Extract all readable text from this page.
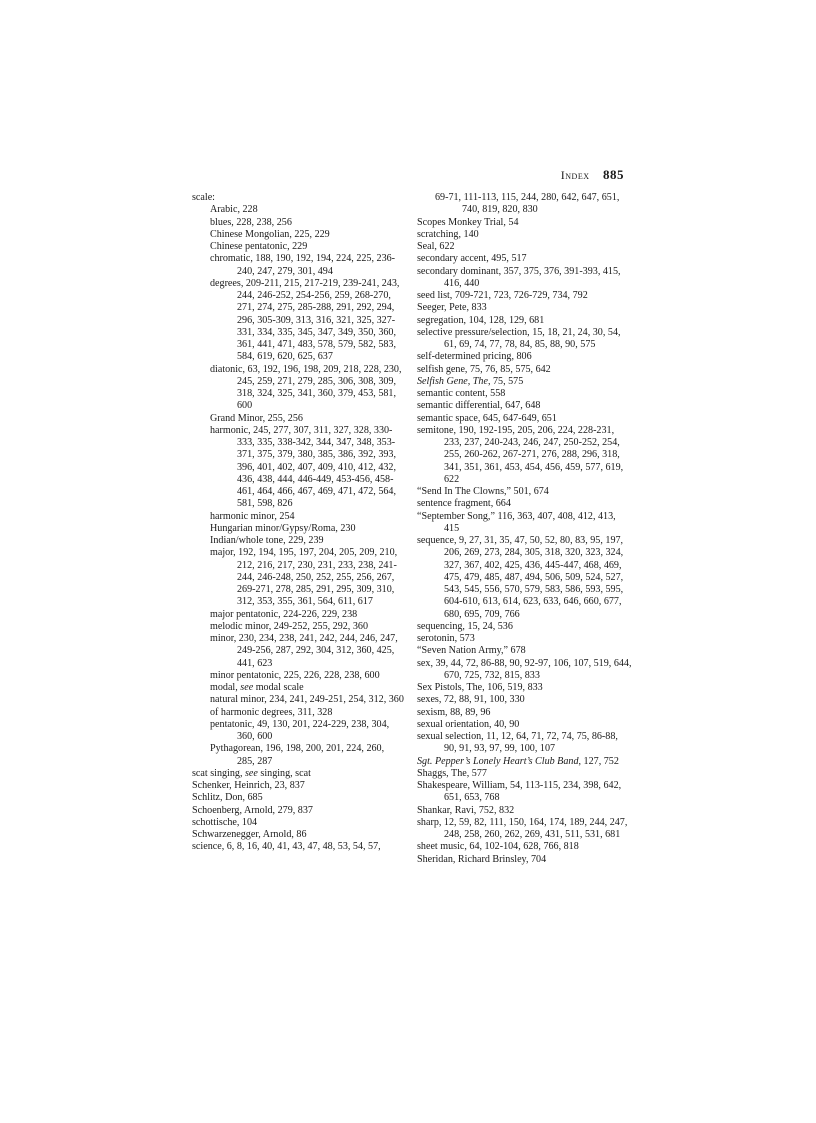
Index 885
scale:
Arabic, 228
blues, 228, 238, 256
Chinese Mongolian, 225, 229
Chinese pentatonic, 229
chromatic, 188, 190, 192, 194, 224, 225, 236-240, 247, 279, 301, 494
degrees, 209-211, 215, 217-219, 239-241, 243, 244, 246-252, 254-256, 259, 268-270, 271, 274, 275, 285-288, 291, 292, 294, 296, 305-309, 313, 316, 321, 325, 327-331, 334, 335, 345, 347, 349, 350, 360, 361, 441, 471, 483, 578, 579, 582, 583, 584, 619, 620, 625, 637
diatonic, 63, 192, 196, 198, 209, 218, 228, 230, 245, 259, 271, 279, 285, 306, 308, 309, 318, 324, 325, 341, 360, 379, 453, 581, 600
Grand Minor, 255, 256
harmonic, 245, 277, 307, 311, 327, 328, 330-333, 335, 338-342, 344, 347, 348, 353-371, 375, 379, 380, 385, 386, 392, 393, 396, 401, 402, 407, 409, 410, 412, 432, 436, 438, 444, 446-449, 453-456, 458-461, 464, 466, 467, 469, 471, 472, 564, 581, 598, 826
harmonic minor, 254
Hungarian minor/Gypsy/Roma, 230
Indian/whole tone, 229, 239
major, 192, 194, 195, 197, 204, 205, 209, 210, 212, 216, 217, 230, 231, 233, 238, 241-244, 246-248, 250, 252, 255, 256, 267, 269-271, 278, 285, 291, 295, 309, 310, 312, 353, 355, 361, 564, 611, 617
major pentatonic, 224-226, 229, 238
melodic minor, 249-252, 255, 292, 360
minor, 230, 234, 238, 241, 242, 244, 246, 247, 249-256, 287, 292, 304, 312, 360, 425, 441, 623
minor pentatonic, 225, 226, 228, 238, 600
modal, see modal scale
natural minor, 234, 241, 249-251, 254, 312, 360
of harmonic degrees, 311, 328
pentatonic, 49, 130, 201, 224-229, 238, 304, 360, 600
Pythagorean, 196, 198, 200, 201, 224, 260, 285, 287
scat singing, see singing, scat
Schenker, Heinrich, 23, 837
Schlitz, Don, 685
Schoenberg, Arnold, 279, 837
schottische, 104
Schwarzenegger, Arnold, 86
science, 6, 8, 16, 40, 41, 43, 47, 48, 53, 54, 57,
69-71, 111-113, 115, 244, 280, 642, 647, 651, 740, 819, 820, 830
Scopes Monkey Trial, 54
scratching, 140
Seal, 622
secondary accent, 495, 517
secondary dominant, 357, 375, 376, 391-393, 415, 416, 440
seed list, 709-721, 723, 726-729, 734, 792
Seeger, Pete, 833
segregation, 104, 128, 129, 681
selective pressure/selection, 15, 18, 21, 24, 30, 54, 61, 69, 74, 77, 78, 84, 85, 88, 90, 575
self-determined pricing, 806
selfish gene, 75, 76, 85, 575, 642
Selfish Gene, The, 75, 575
semantic content, 558
semantic differential, 647, 648
semantic space, 645, 647-649, 651
semitone, 190, 192-195, 205, 206, 224, 228-231, 233, 237, 240-243, 246, 247, 250-252, 254, 255, 260-262, 267-271, 276, 288, 296, 318, 341, 351, 361, 453, 454, 456, 459, 577, 619, 622
“Send In The Clowns,” 501, 674
sentence fragment, 664
“September Song,” 116, 363, 407, 408, 412, 413, 415
sequence, 9, 27, 31, 35, 47, 50, 52, 80, 83, 95, 197, 206, 269, 273, 284, 305, 318, 320, 323, 324, 327, 367, 402, 425, 436, 445-447, 468, 469, 475, 479, 485, 487, 494, 506, 509, 524, 527, 543, 545, 556, 570, 579, 583, 586, 593, 595, 604-610, 613, 614, 623, 633, 646, 660, 677, 680, 695, 709, 766
sequencing, 15, 24, 536
serotonin, 573
“Seven Nation Army,” 678
sex, 39, 44, 72, 86-88, 90, 92-97, 106, 107, 519, 644, 670, 725, 732, 815, 833
Sex Pistols, The, 106, 519, 833
sexes, 72, 88, 91, 100, 330
sexism, 88, 89, 96
sexual orientation, 40, 90
sexual selection, 11, 12, 64, 71, 72, 74, 75, 86-88, 90, 91, 93, 97, 99, 100, 107
Sgt. Pepper’s Lonely Heart’s Club Band, 127, 752
Shaggs, The, 577
Shakespeare, William, 54, 113-115, 234, 398, 642, 651, 653, 768
Shankar, Ravi, 752, 832
sharp, 12, 59, 82, 111, 150, 164, 174, 189, 244, 247, 248, 258, 260, 262, 269, 431, 511, 531, 681
sheet music, 64, 102-104, 628, 766, 818
Sheridan, Richard Brinsley, 704
